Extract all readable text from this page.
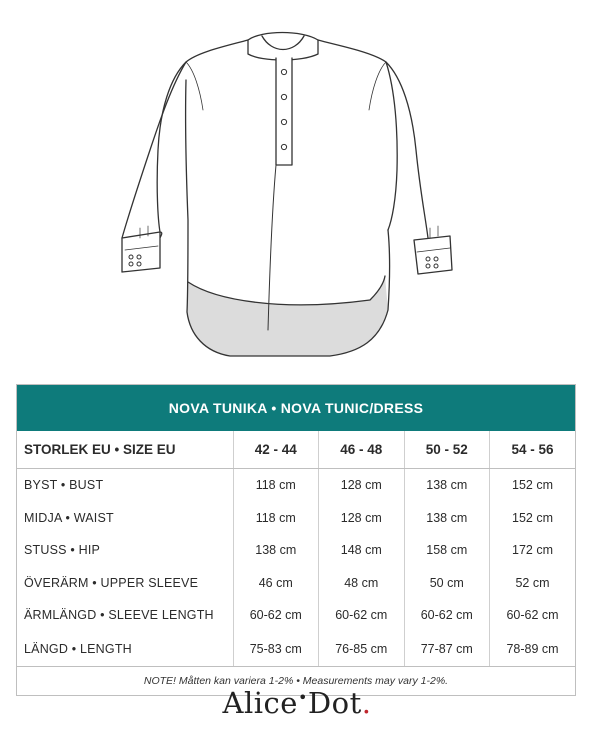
NOVA TUNIKA • NOVA TUNIC/DRESS
STORLEK EU • SIZE EU	42 - 44	46 - 48	50 - 52	54 - 56
BYST • BUST	118 cm	128 cm	138 cm	152 cm
MIDJA • WAIST	118 cm	128 cm	138 cm	152 cm
STUSS • HIP	138 cm	148 cm	158 cm	172 cm
ÖVERÄRM • UPPER SLEEVE	46 cm	48 cm	50 cm	52 cm
ÄRMLÄNGD • SLEEVE LENGTH	60-62 cm	60-62 cm	60-62 cm	60-62 cm
LÄNGD • LENGTH	75-83 cm	76-85 cm	77-87 cm	78-89 cm
NOTE! Måtten kan variera 1-2% • Measurements may vary 1-2%.
Alice•Dot.
